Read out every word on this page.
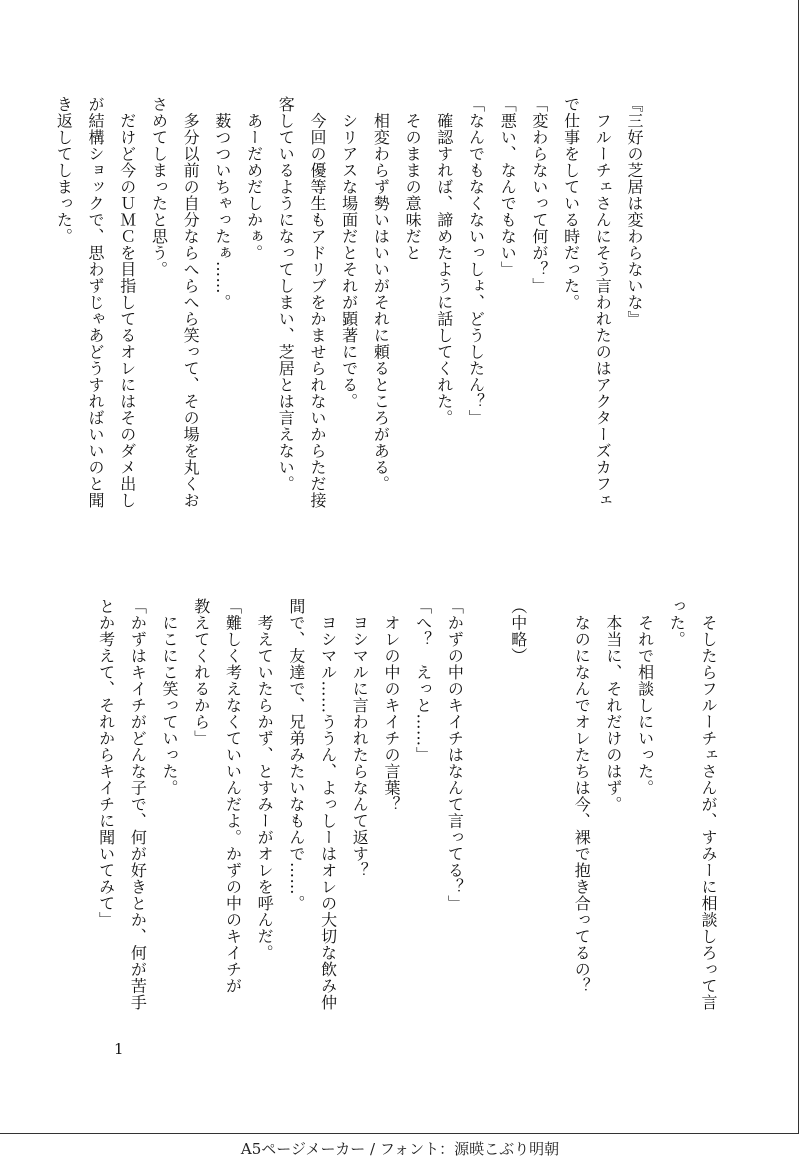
『三好の芝居は変わらないな』
　フルーチェさんにそう言われたのはアクターズカフェ
で仕事をしている時だった。
「変わらないって何が？」
「悪い、なんでもない」
「なんでもなくないっしょ、どうしたん？」
　確認すれば、諦めたように話してくれた。
　そのままの意味だと
　相変わらず勢いはいいがそれに頼るところがある。
　シリアスな場面だとそれが顕著にでる。
　今回の優等生もアドリブをかませられないからただ接
客しているようになってしまい、芝居とは言えない。
　あーだめだしかぁ。
　薮つついちゃったぁ……。
　多分以前の自分ならへらへら笑って、その場を丸くお
さめてしまったと思う。
　だけど今のＵＭＣを目指してるオレにはそのダメ出し
が結構ショックで、思わずじゃあどうすればいいのと聞
き返してしまった。
　そしたらフルーチェさんが、すみーに相談しろって言
った。
　それで相談しにいった。
　本当に、それだけのはず。
　なのになんでオレたちは今、裸で抱き合ってるの？

（中略）

「かずの中のキイチはなんて言ってる？」
「へ？　えっと……」
　オレの中のキイチの言葉？
　ヨシマルに言われたらなんて返す？
　ヨシマル……ううん、よっしーはオレの大切な飲み仲
間で、友達で、兄弟みたいなもんで……。
　考えていたらかず、とすみーがオレを呼んだ。
「難しく考えなくていいんだよ。かずの中のキイチが
教えてくれるから」
　にこにこ笑っていった。
「かずはキイチがどんな子で、何が好きとか、何が苦手
とか考えて、それからキイチに聞いてみて」
1
A5ページメーカー / フォント：源暎こぶり明朝
